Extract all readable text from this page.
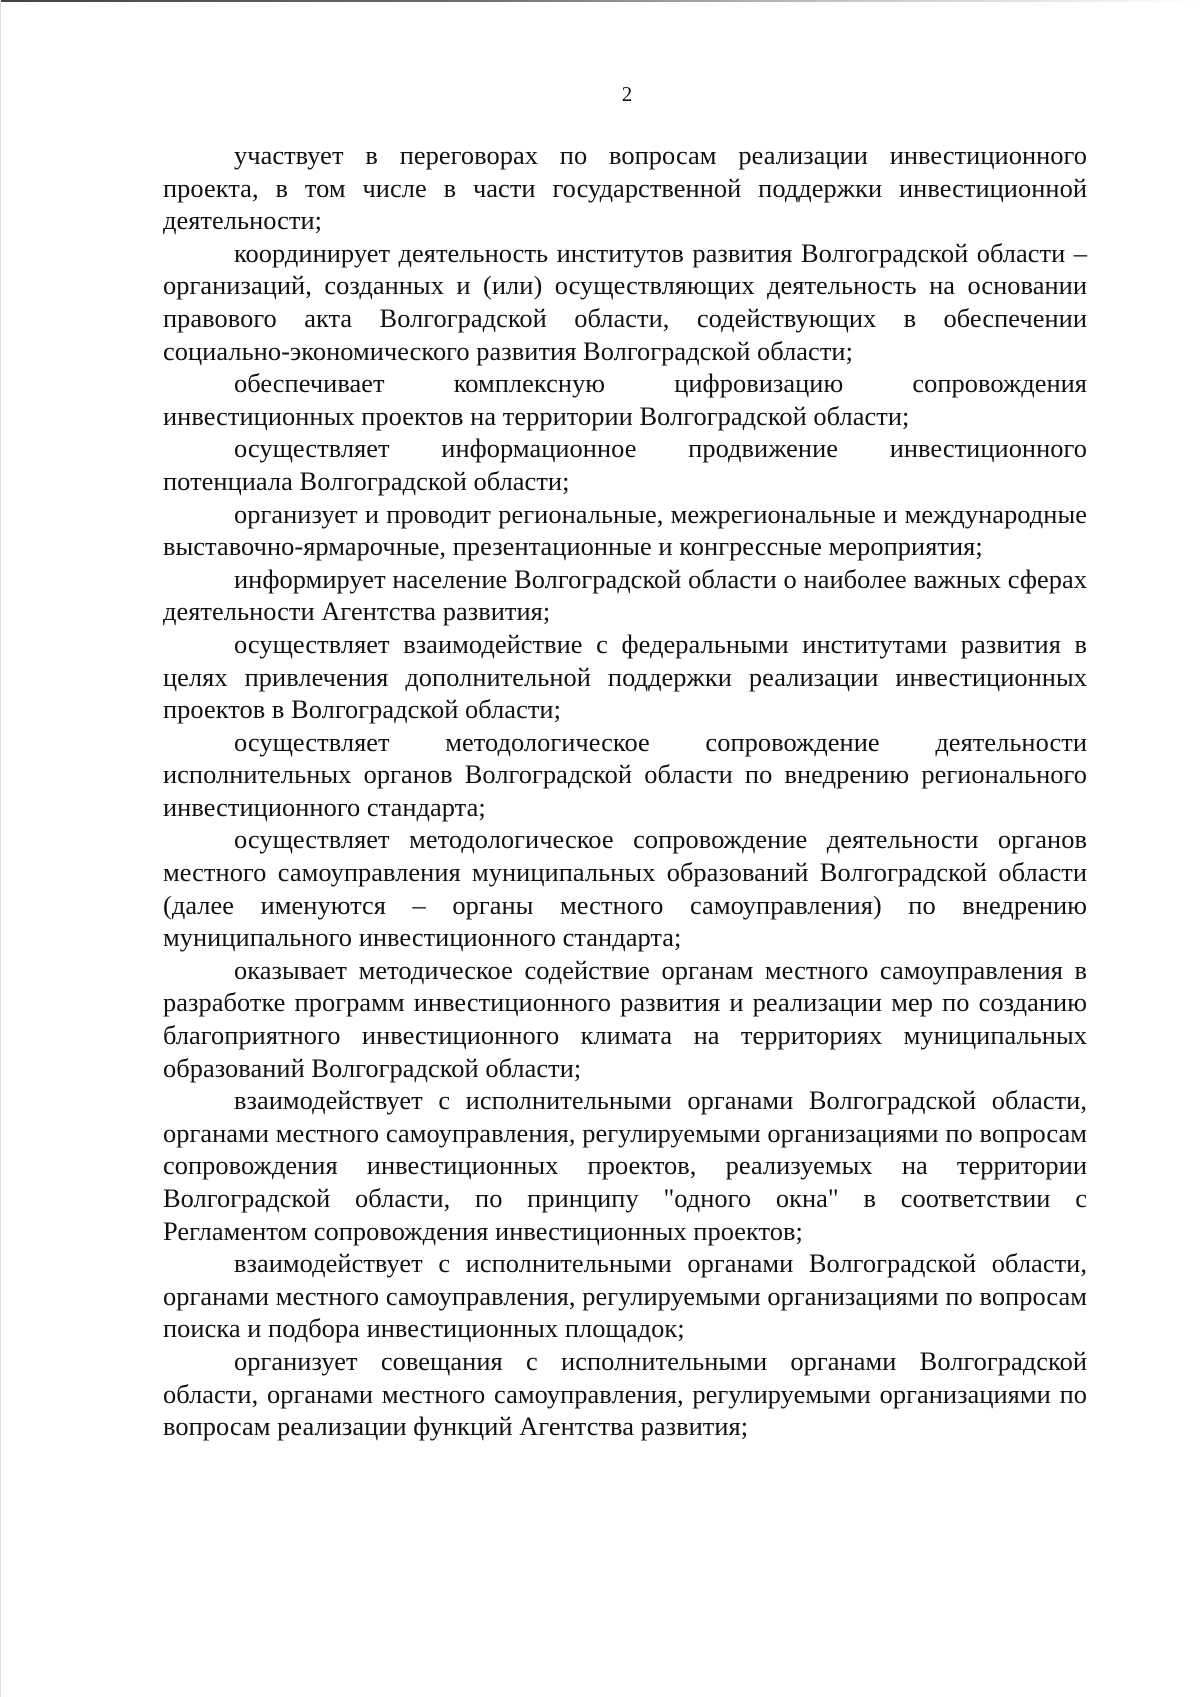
2

участвует в переговорах по вопросам реализации инвестиционного проекта, в том числе в части государственной поддержки инвестиционной деятельности;

координирует деятельность институтов развития Волгоградской области – организаций, созданных и (или) осуществляющих деятельность на основании правового акта Волгоградской области, содействующих в обеспечении социально-экономического развития Волгоградской области;

обеспечивает комплексную цифровизацию сопровождения инвестиционных проектов на территории Волгоградской области;

осуществляет информационное продвижение инвестиционного потенциала Волгоградской области;

организует и проводит региональные, межрегиональные и международные выставочно-ярмарочные, презентационные и конгрессные мероприятия;

информирует население Волгоградской области о наиболее важных сферах деятельности Агентства развития;

осуществляет взаимодействие с федеральными институтами развития в целях привлечения дополнительной поддержки реализации инвестиционных проектов в Волгоградской области;

осуществляет методологическое сопровождение деятельности исполнительных органов Волгоградской области по внедрению регионального инвестиционного стандарта;

осуществляет методологическое сопровождение деятельности органов местного самоуправления муниципальных образований Волгоградской области (далее именуются – органы местного самоуправления) по внедрению муниципального инвестиционного стандарта;

оказывает методическое содействие органам местного самоуправления в разработке программ инвестиционного развития и реализации мер по созданию благоприятного инвестиционного климата на территориях муниципальных образований Волгоградской области;

взаимодействует с исполнительными органами Волгоградской области, органами местного самоуправления, регулируемыми организациями по вопросам сопровождения инвестиционных проектов, реализуемых на территории Волгоградской области, по принципу "одного окна" в соответствии с Регламентом сопровождения инвестиционных проектов;

взаимодействует с исполнительными органами Волгоградской области, органами местного самоуправления, регулируемыми организациями по вопросам поиска и подбора инвестиционных площадок;

организует совещания с исполнительными органами Волгоградской области, органами местного самоуправления, регулируемыми организациями по вопросам реализации функций Агентства развития;
